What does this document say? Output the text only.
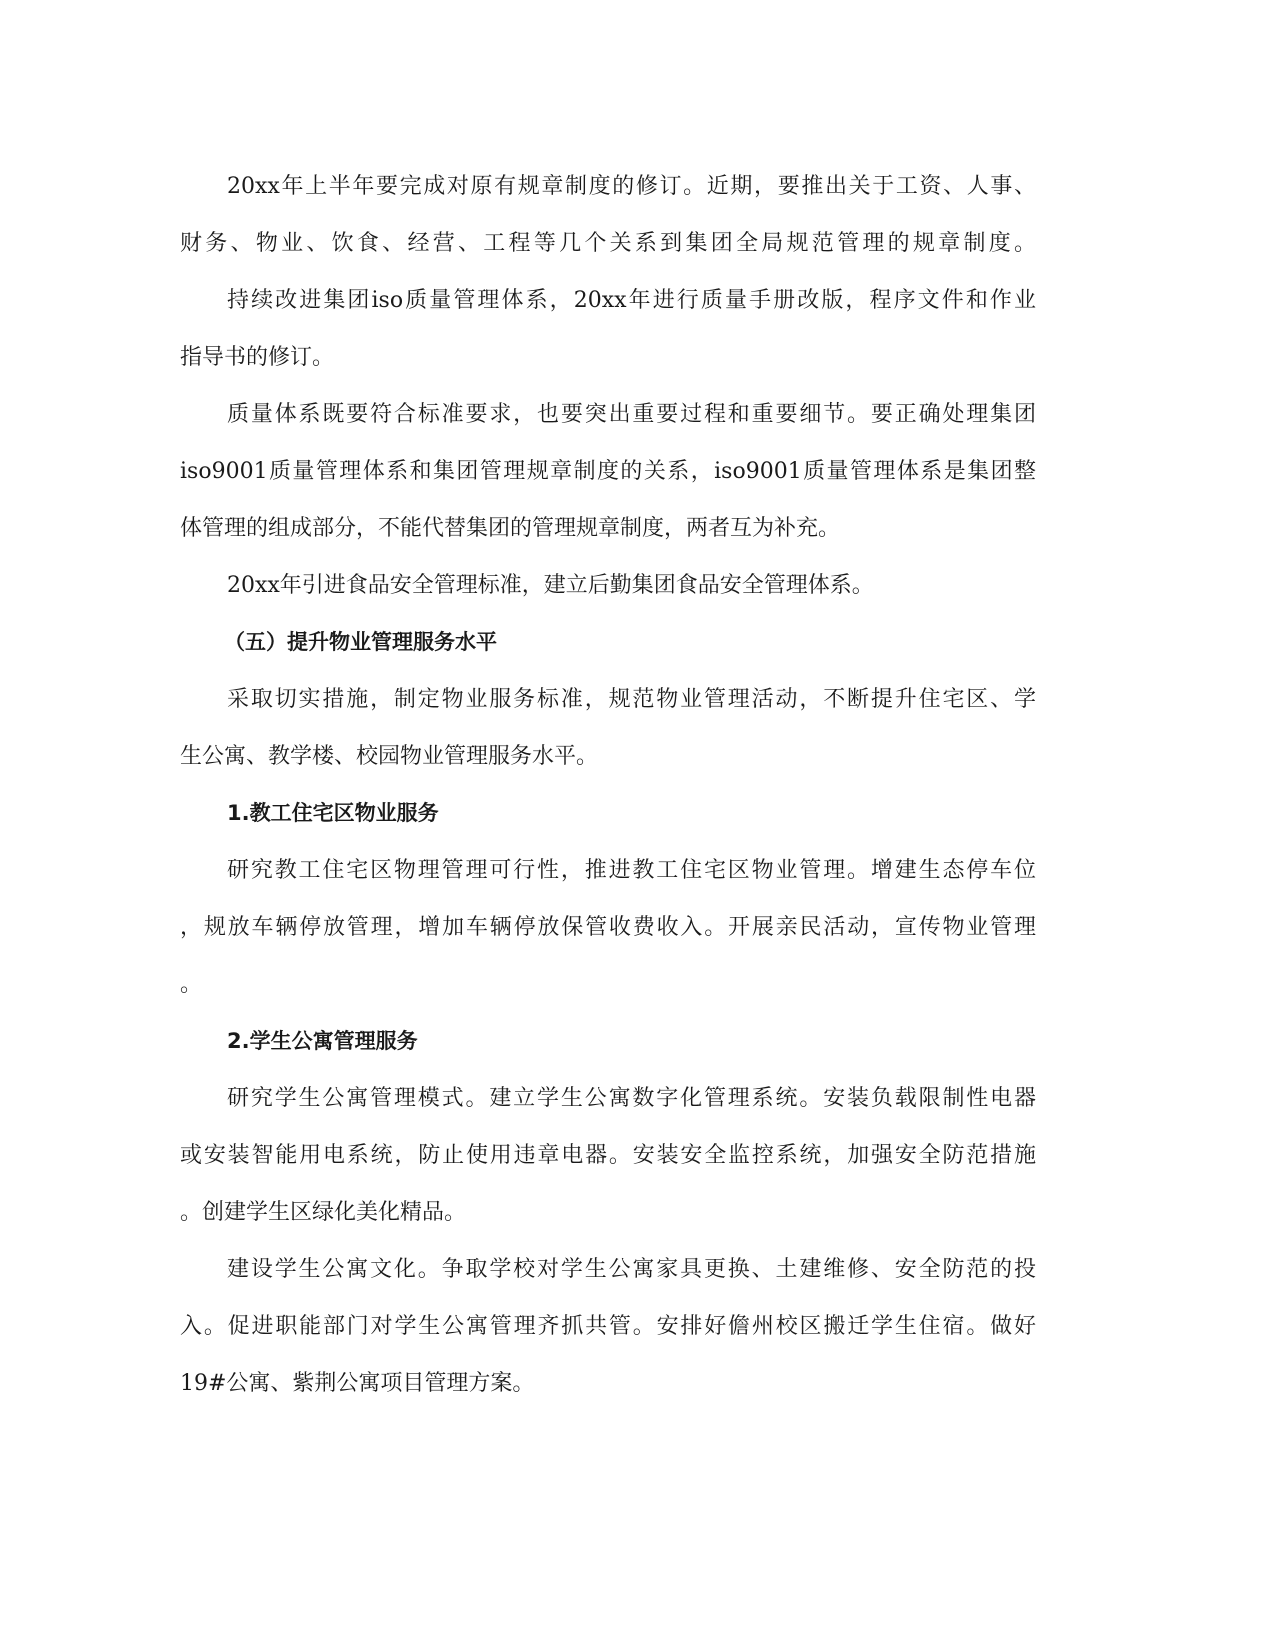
20xx年上半年要完成对原有规章制度的修订。近期，要推出关于工资、人事、
财务、物业、饮食、经营、工程等几个关系到集团全局规范管理的规章制度。
持续改进集团iso质量管理体系，20xx年进行质量手册改版，程序文件和作业
指导书的修订。
质量体系既要符合标准要求，也要突出重要过程和重要细节。要正确处理集团
iso9001质量管理体系和集团管理规章制度的关系，iso9001质量管理体系是集团整
体管理的组成部分，不能代替集团的管理规章制度，两者互为补充。
20xx年引进食品安全管理标准，建立后勤集团食品安全管理体系。
（五）提升物业管理服务水平
采取切实措施，制定物业服务标准，规范物业管理活动，不断提升住宅区、学
生公寓、教学楼、校园物业管理服务水平。
1.教工住宅区物业服务
研究教工住宅区物理管理可行性，推进教工住宅区物业管理。增建生态停车位
，规放车辆停放管理，增加车辆停放保管收费收入。开展亲民活动，宣传物业管理
。
2.学生公寓管理服务
研究学生公寓管理模式。建立学生公寓数字化管理系统。安装负载限制性电器
或安装智能用电系统，防止使用违章电器。安装安全监控系统，加强安全防范措施
。创建学生区绿化美化精品。
建设学生公寓文化。争取学校对学生公寓家具更换、土建维修、安全防范的投
入。促进职能部门对学生公寓管理齐抓共管。安排好儋州校区搬迁学生住宿。做好
19#公寓、紫荆公寓项目管理方案。
